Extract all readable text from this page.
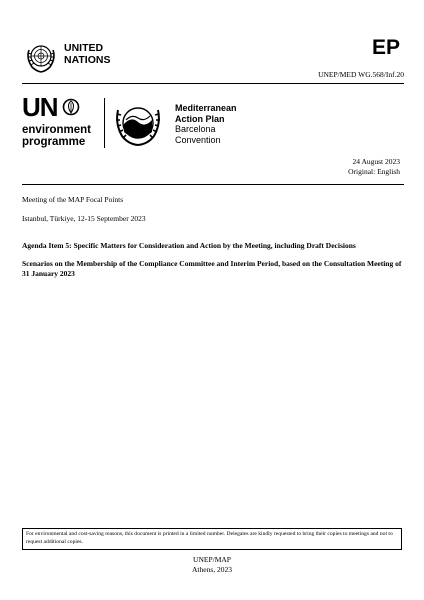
UNITED
NATIONS
EP
UNEP/MED WG.568/Inf.20
UN
environment
programme
Mediterranean
Action Plan
Barcelona
Convention
24 August 2023
Original: English
Meeting of the MAP Focal Points
Istanbul, Türkiye, 12-15 September 2023
Agenda Item 5: Specific Matters for Consideration and Action by the Meeting, including Draft Decisions
Scenarios on the Membership of the Compliance Committee and Interim Period, based on the Consultation Meeting of 31 January 2023
For environmental and cost-saving reasons, this document is printed in a limited number. Delegates are kindly requested to bring their copies to meetings and not to request additional copies.
UNEP/MAP
Athens, 2023
